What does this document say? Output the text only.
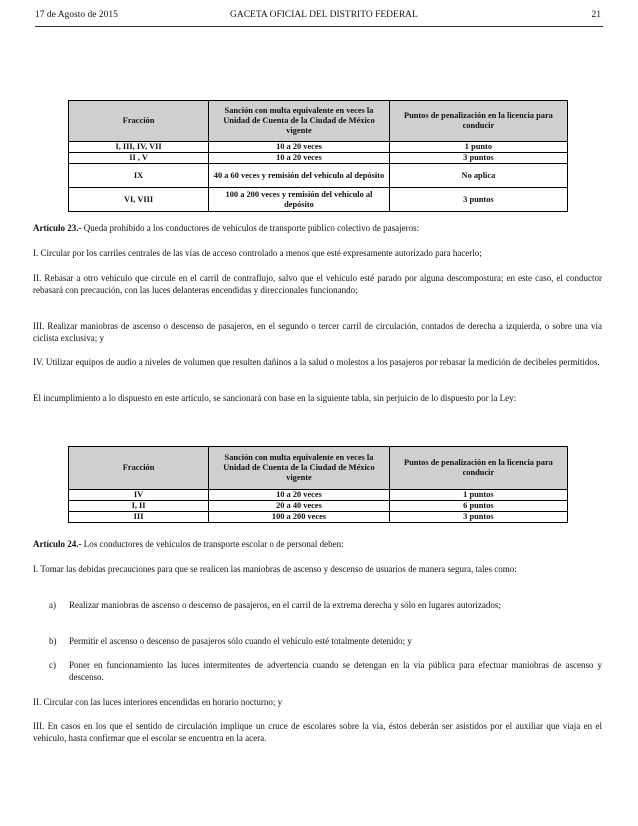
17 de Agosto de 2015	GACETA OFICIAL DEL DISTRITO FEDERAL	21
Fracción	Sanción con multa equivalente en veces la Unidad de Cuenta de la Ciudad de México vigente	Puntos de penalización en la licencia para conducir
I, III, IV, VII	10 a 20 veces	1 punto
II , V	10 a 20 veces	3 puntos
IX	40 a 60 veces y remisión del vehículo al depósito	No aplica
VI, VIII	100 a 200 veces y remisión del vehículo al depósito	3 puntos
Artículo 23.- Queda prohibido a los conductores de vehículos de transporte público colectivo de pasajeros:
I. Circular por los carriles centrales de las vías de acceso controlado a menos que esté expresamente autorizado para hacerlo;
II. Rebasar a otro vehículo que circule en el carril de contraflujo, salvo que el vehículo esté parado por alguna descompostura; en este caso, el conductor rebasará con precaución, con las luces delanteras encendidas y direccionales funcionando;
III. Realizar maniobras de ascenso o descenso de pasajeros, en el segundo o tercer carril de circulación, contados de derecha a izquierda, o sobre una vía ciclista exclusiva; y
IV. Utilizar equipos de audio a niveles de volumen que resulten dañinos a la salud o molestos a los pasajeros por rebasar la medición de decibeles permitidos.
El incumplimiento a lo dispuesto en este artículo, se sancionará con base en la siguiente tabla, sin perjuicio de lo dispuesto por la Ley:
Fracción	Sanción con multa equivalente en veces la Unidad de Cuenta de la Ciudad de México vigente	Puntos de penalización en la licencia para conducir
IV	10 a 20 veces	1 puntos
I, II	20 a 40 veces	6 puntos
III	100 a 200 veces	3 puntos
Artículo 24.- Los conductores de vehículos de transporte escolar o de personal deben:
I. Tomar las debidas precauciones para que se realicen las maniobras de ascenso y descenso de usuarios de manera segura, tales como:
a) Realizar maniobras de ascenso o descenso de pasajeros, en el carril de la extrema derecha y sólo en lugares autorizados;
b) Permitir el ascenso o descenso de pasajeros sólo cuando el vehículo esté totalmente detenido; y
c) Poner en funcionamiento las luces intermitentes de advertencia cuando se detengan en la vía pública para efectuar maniobras de ascenso y descenso.
II. Circular con las luces interiores encendidas en horario nocturno; y
III. En casos en los que el sentido de circulación implique un cruce de escolares sobre la vía, éstos deberán ser asistidos por el auxiliar que viaja en el vehículo, hasta confirmar que el escolar se encuentra en la acera.
